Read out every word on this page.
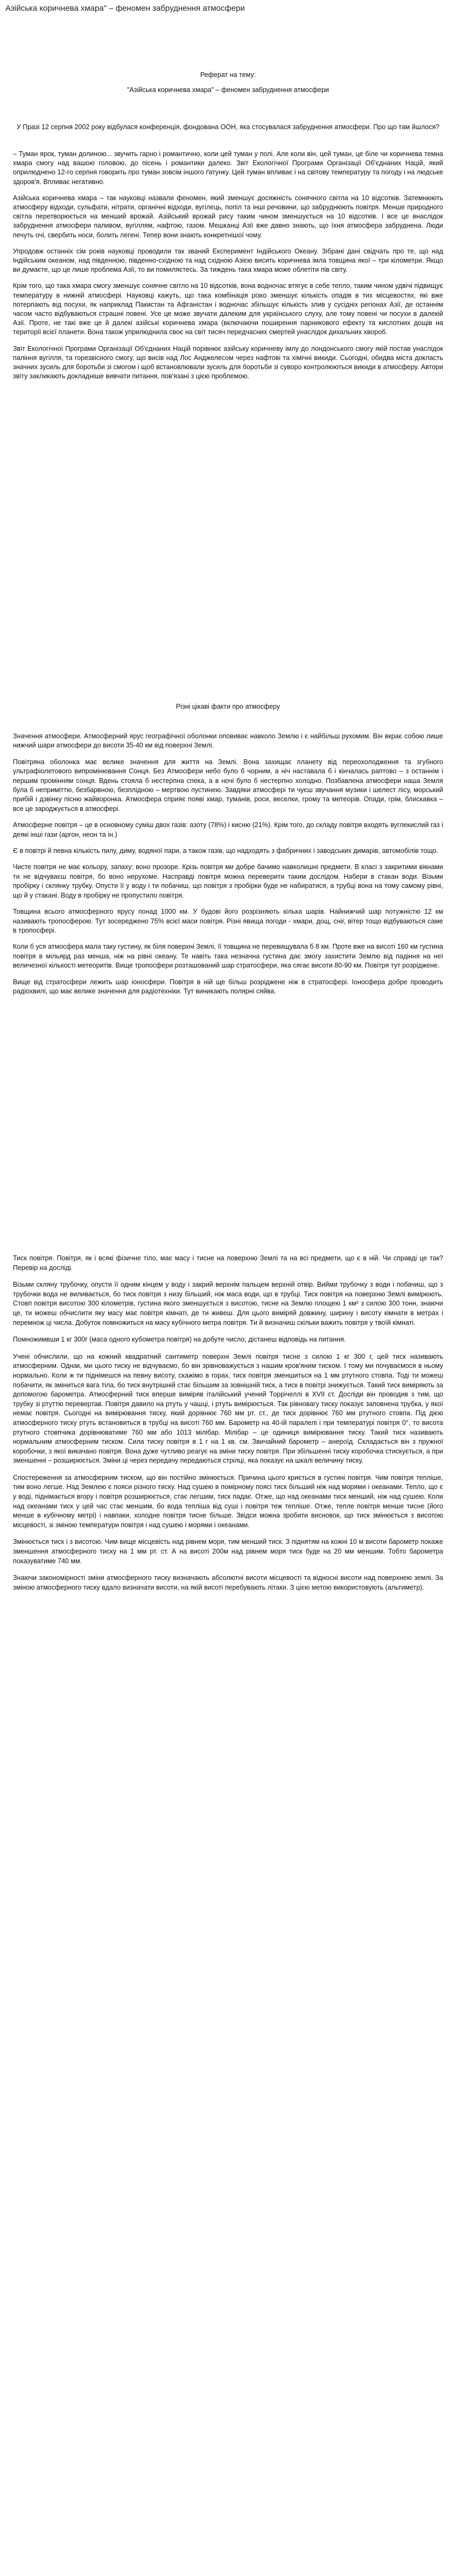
Азійська коричнева хмара" – феномен забруднення атмосфери
Реферат на тему:
"Азійська коричнева хмара" – феномен забруднення атмосфери
У Празі 12 серпня 2002 року відбулася конференція, фондована ООН, яка стосувалася забруднення атмосфери. Про що там йшлося?

– Туман ярок, туман долиною... звучить гарно і романтично, коли цей туман у полі. Але коли він, цей туман, це біле чи коричнева темна хмара смогу над вашою головою, до пісень і романтики далеко. Звіт Екологічної Програми Організації Об'єднаних Націй, який оприлюднено 12-го серпня говорить про туман зовсім іншого ґатунку. Цей туман впливає і на світову температуру та погоду і на людське здоров'я. Впливає негативно.

Азійська коричнева хмара – так науковці назвали феномен, який зменшує досяжність сонячного світла на 10 відсотків. Затемнюють атмосферу відходи, сульфати, нітрати, органічні відходи, вугілець, попіл та інші речовини, що забруднюють повітря. Менше природного світла перетворюється на менший врожай. Азійський врожай рису таким чином зменшується на 10 відсотків. І все це внаслідок забруднення атмосфери паливом, вугіллям, нафтою, газом. Мешканці Азії вже давно знають, що їхня атмосфера забруднена. Люди печуть очі, свербить носи, болить легені. Тепер вони знають конкретнішої чому.

Упродовж останніх сім років науковці проводили так званий Експеримент Індійського Океану. Зібрані дані свідчать про те, що над Індійським океаном, над південною, південно-східною та над східною Азією висить коричнева імла товщина якої – три кілометри. Якщо ви думаєте, що це лише проблема Азії, то ви помиляєтесь. За тиждень така хмара може облетіти пів світу.

Крім того, що така хмара смогу зменшує сонячне світло на 10 відсотків, вона водночас втягує в себе тепло, таким чином удвічі підвищує температуру в нижній атмосфері. Науковці кажуть, що така комбінація різко зменшує кількість опадів в тих місцевостях, які вже потерпають від посухи, як наприклад Пакистан та Афганістан і водночас збільшує кількість злив у сусідніх регіонах Азії, де останнім часом часто відбуваються страшні повені. Усе це може звучати далеким для українського слуху, але тому повені чи посухи в далекій Азії. Проте, не такі вже це й далекі азійські коричнева хмара (включаючи поширення парникового ефекту та кислотних дощів на території всієї планети. Вона також уприлюднила своє на світ тисяч передчасних смертей унаслідок дихальних хвороб.

Звіт Екологічної Програми Організації Об'єднаних Націй порівнює азійську коричневу імлу до лондонського смогу якій постав унаслідок паління вугілля, та горезвісного смогу, що висів над Лос Анджелесом через нафтові та хімічні викиди. Сьогодні, обидва міста докласть значних зусиль для боротьби зі смогом і щоб встановлювали зусиль для боротьби зі суворо контролюються викиди в атмосферу. Автори звіту закликають докладніше вивчати питання, пов'язані з цією проблемою.

Різні цікаві факти про атмосферу

Значення атмосфери. Атмосферний ярус географічної оболонки оповиває навколо Землю і є найбільш рухомим. Він вкрає собою лише нижчий шари атмосфери до висоти 35-40 км від поверхні Землі.

Повітряна оболонка має велике значення для життя на Землі. Вона захищає планету від переохолодження та згубного ультрафіолетового випромінювання Сонця. Без Атмосфери небо було б чорним, а ніч наставала б і кінчалась раптово – з останнім і першим промінням сонця. Вдень стояла б нестерпна спека, а в ночі було б нестерпно холодно. Позбавлена атмосфери наша Земля була б неприміттю, безбарвною, безплідною – мертвою пустинею. Завдяки атмосфері ти чуєш звучання музики і шелест лісу, морський прибій і дзвінку пісню жайворонка. Атмосфера сприяє появі хмар, туманів, роси, веселки, грому та метеорів. Опади, грім, блискавка – все це зароджується в атмосфері.

Атмосферне повітря – це в основному суміш двох газів: азоту (78%) і кисню (21%). Крім того, до складу повітря входять вуглекислий газ і деякі інші гази (аргон, неон та ін.)

Є в повітрі й певна кількість пилу, диму, водяної пари, а також газів, що надходять з фабричних і заводських димарів, автомобілів тощо.

Чисте повітря не має кольору, запаху: воно прозоре. Крізь повітря ми добре бачимо навколишні предмети. В класі з закритими вікнами ти не відчуваєш повітря, бо воно нерухоме. Насправді повітря можна переверити таким дослідом. Набери в стакан води. Візьми пробірку і склянку трубку. Опусти її у воду і ти побачиш, що повітря з пробірки буде не набиратися, а трубці вона на тому самому рівні, що й у стакані. Воду в пробірку не пропустило повітря.

Товщина всього атмосферного ярусу понад 1000 км. У будові його розрізняють кілька шарів. Найнижчий шар потужністю 12 км називають тропосферою. Тут зосереджено 75% всієї маси повітря. Різні явища погоди - хмари, дощ, сніг, вітер тощо відбуваються саме в тропосфері.

Коли б уся атмосфера мала таку густину, як біля поверхні Землі, її товщина не перевищувала б 8 км. Проте вже на висоті 160 км густина повітря в мільярд раз менша, ніж на рівні океану. Те навіть така незначна густина дає змогу захистити Землю від падіння на неї величезної кількості метеоритів. Вище тропосфери розташований шар стратосфери, яка сягає висоти 80-90 км. Повітря тут розріджене.

Вище від стратосфери лежить шар іоносфери. Повітря в ній ще більш розріджене ніж в стратосфері. Іоносфера добре проводить радіохвилі, що має велике значення для радіотехніки. Тут виникають полярні сяйва.

Тиск повітря. Повітря, як і всякі фізичне тіло, має масу і тисне на поверхню Землі та на всі предмети, що є в ній. Чи справді це так? Перевір на досліді.

Візьми скляну трубочку, опусти її одним кінцем у воду і закрий верхнім пальцем верхній отвір. Вийми трубочку з води і побачиш, що з трубочки вода не виливається, бо тиск повітря з низу більший, ніж маса води, що в трубці. Тиск повітря на поверхню Землі вимірюють. Стовп повітря висотою 300 кілометрів, густина якого зменшується з висотою, тисне на Землю площею 1 км² з силою 300 тонн, знаючи це, ти можеш обчислити яку масу має повітря кімнаті, де ти живеш. Для цього виміряй довжину, ширину і висоту кімнати в метрах і перемнож ці числа. Добуток помножиться на масу кубічного метра повітря. Ти й визначиш скільки важить повітря у твоїй кімнаті.

Помножимвши 1 кг 300г (маса одного кубометра повітря) на добуте число, дістанеш відповідь на питання.

Учені обчислили, що на кожний квадратний сантиметр поверхні Землі повітря тисне з силою 1 кг 300 г, цей тиск називають атмосферним. Однак, ми цього тиску не відчуваємо, бо він зрівноважується з нашим кров'яним тиском. І тому ми почуваємося в ньому нормально. Коли ж ти піднімешся на певну висоту, скажімо в горах, тиск повітря зменшиться на 1 мм ртутного стовпа. Тоді ти можеш побачити, як зміниться вага тіла, бо тиск внутрішній стає більшим за зовнішній тиск, а тиск в повітрі знижується. Такий тиск виміряють за допомогою барометра. Атмосферний тиск вперше виміряв італійський учений Торрічеллі в XVII ст. Досліди він проводив з тим, що трубку зі ртуттю перевертав. Повітря давило на ртуть у чашці, і ртуть вимірюється. Так рівновагу тиску показує заповнена трубка, у якої немає повітря. Сьогодні на вимірювання тиску, який дорівнює 760 мм рт. ст., де тиск дорівнює 760 мм ртутного стовпа. Під дією атмосферного тиску ртуть встановиться в трубці на висоті 760 мм. Барометр на 40-ій паралелі і при температурі повітря 0°, то висота ртутного стовпчика дорівнюватиме 760 мм або 1013 мілібар. Мілібар – це одиниця вимірювання тиску. Такий тиск називають нормальним атмосферним тиском. Сила тиску повітря в 1 г на 1 кв. см. Звичайний барометр – анероїд. Складається він з пружної коробочки, з якої викачано повітря. Вона дуже чутливо реагує на зміни тиску повітря. При збільшенні тиску коробочка стискується, а при зменшенні – розширюється. Зміни ці через передачу передаються стрілці, яка показує на шкалі величину тиску.

Спостереження за атмосферним тиском, що він постійно змінюється. Причина цього криється в густині повітря. Чим повітря тепліше, тим воно легше. Над Землею є пояси різного тиску. Над сушею в помірному поясі тиск більший ніж над морями і океанами. Тепло, що є у воді, піднімається вгору і повітря розширюється, стає легшим, тиск падає. Отже, що над океанами тиск менший, ніж над сушею. Коли над океанами тиск у цей час стає меншим, бо вода тепліша від суші і повітря теж тепліше. Отже, тепле повітря менше тисне (його менше в кубічному метрі) і навпаки, холодне повітря тисне більше. Звідси можна зробити висновок, що тиск змінюється з висотою місцевості, зі зміною температури повітря і над сушею і морями і океанами.

Змінюється тиск і з висотою. Чим вище місцевість над рівнем моря, тим менший тиск. З піднятям на кожні 10 м висоти барометр покаже зменшення атмосферного тиску на 1 мм рт. ст. А на висоті 200м над рівнем моря тиск буде на 20 мм меншим. Тобто барометра показуватиме 740 мм.

Знаючи закономірності зміни атмосферного тиску визначають абсолютні висоти місцевості та відносні висоти над поверхнею землі. За зміною атмосферного тиску вдало визначати висоти, на якій висоті перебувають літаки. З цією метою використовують (альтиметр).
